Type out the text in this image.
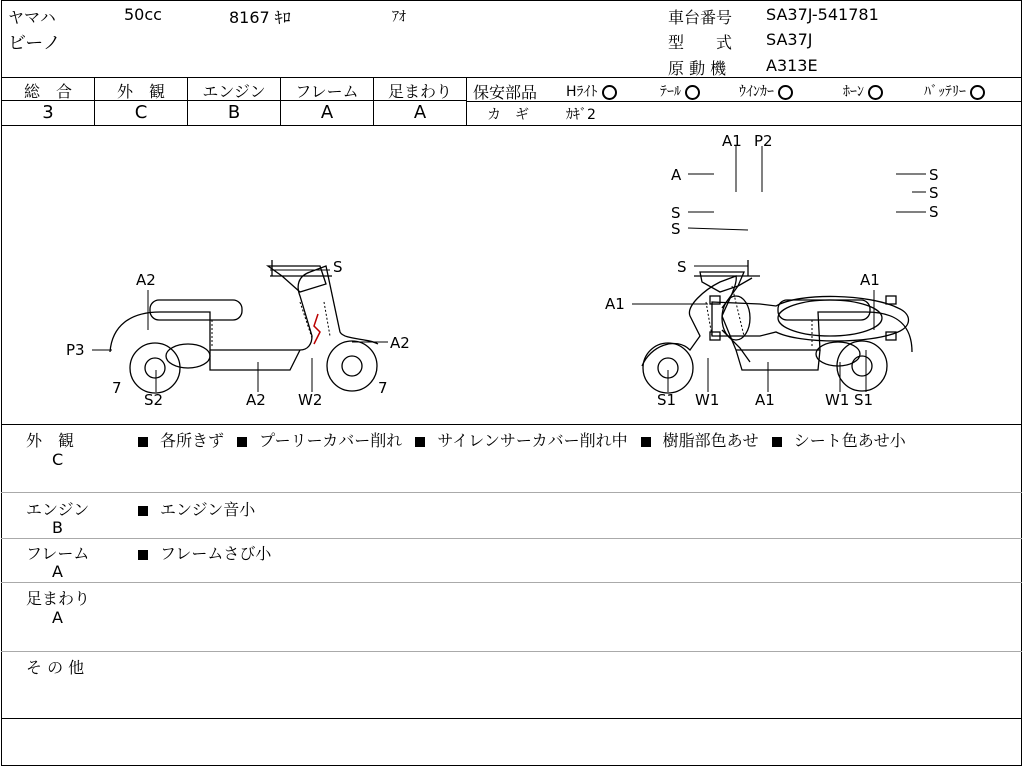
ヤマハ	50cc	8167 ｷﾛ	ｱｵ
ビーノ
車台番号 SA37J-541781
型　　式 SA37J
原 動 機 A313E
総　合
3
外　観
C
エンジン
B
フレーム
A
足まわり
A
保安部品 Hﾗｲﾄ	ﾃｰﾙ	ｳｲﾝｶｰ	ﾎｰﾝ	ﾊﾞｯﾃﾘｰ
カ　ギ	ｶｷﾞ2
A1 P2
A	S
S
S
S
S
S
A2
P3	A2
7	7
S2	A2 W2
S
A1
A1
S1 W1 A1	W1 S1
外　観
C
各所きず プーリーカバー削れ サイレンサーカバー削れ中 樹脂部色あせ シート色あせ小
エンジン
B
エンジン音小
フレーム
A
フレームさび小
足まわり
A
そ の 他
